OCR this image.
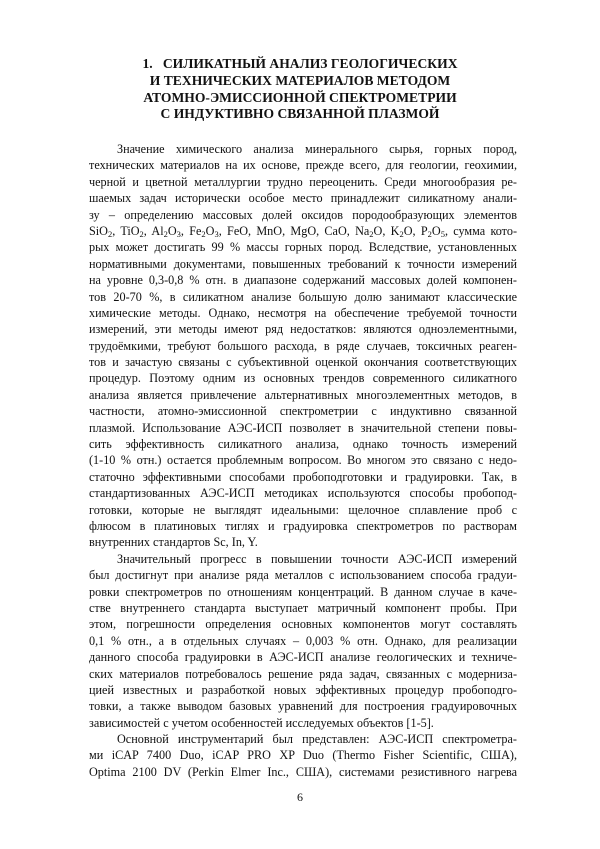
1.   СИЛИКАТНЫЙ АНАЛИЗ ГЕОЛОГИЧЕСКИХ
И ТЕХНИЧЕСКИХ МАТЕРИАЛОВ МЕТОДОМ
АТОМНО-ЭМИССИОННОЙ СПЕКТРОМЕТРИИ
С ИНДУКТИВНО СВЯЗАННОЙ ПЛАЗМОЙ
Значение химического анализа минерального сырья, горных пород,
технических материалов на их основе, прежде всего, для геологии, геохимии,
черной и цветной металлургии трудно переоценить. Среди многообразия ре-
шаемых задач исторически особое место принадлежит силикатному анали-
зу – определению массовых долей оксидов породообразующих элементов
SiO$_2$, TiO$_2$, $Al_2O_3$, $Fe_2O_3$, FeO, MnO, MgO, CaO, $Na_2O$, $K_2O$, $P_2O_5$, сумма кото-
рых может достигать 99 % массы горных пород. Вследствие, установленных
нормативными документами, повышенных требований к точности измерений
на уровне 0,3-0,8 % отн. в диапазоне содержаний массовых долей компонен-
тов 20-70 %, в силикатном анализе большую долю занимают классические
химические методы. Однако, несмотря на обеспечение требуемой точности
измерений, эти методы имеют ряд недостатков: являются одноэлементными,
трудоёмкими, требуют большого расхода, в ряде случаев, токсичных реаген-
тов и зачастую связаны с субъективной оценкой окончания соответствующих
процедур. Поэтому одним из основных трендов современного силикатного
анализа является привлечение альтернативных многоэлементных методов, в
частности, атомно-эмиссионной спектрометрии с индуктивно связанной
плазмой. Использование АЭС-ИСП позволяет в значительной степени повы-
сить эффективность силикатного анализа, однако точность измерений
(1-10 % отн.) остается проблемным вопросом. Во многом это связано с недо-
статочно эффективными способами пробоподготовки и градуировки. Так, в
стандартизованных АЭС-ИСП методиках используются способы пробопод-
готовки, которые не выглядят идеальными: щелочное сплавление проб с
флюсом в платиновых тиглях и градуировка спектрометров по растворам
внутренних стандартов Sc, In, Y.
Значительный прогресс в повышении точности АЭС-ИСП измерений
был достигнут при анализе ряда металлов с использованием способа градуи-
ровки спектрометров по отношениям концентраций. В данном случае в каче-
стве внутреннего стандарта выступает матричный компонент пробы. При
этом, погрешности определения основных компонентов могут составлять
0,1 % отн., а в отдельных случаях – 0,003 % отн. Однако, для реализации
данного способа градуировки в АЭС-ИСП анализе геологических и техниче-
ских материалов потребовалось решение ряда задач, связанных с модерниза-
цией известных и разработкой новых эффективных процедур пробоподго-
товки, а также выводом базовых уравнений для построения градуировочных
зависимостей с учетом особенностей исследуемых объектов [1-5].
Основной инструментарий был представлен: АЭС-ИСП спектрометра-
ми iCAP 7400 Duo, iCAP PRO XP Duo (Thermo Fisher Scientific, США),
Optima 2100 DV (Perkin Elmer Inc., США), системами резистивного нагрева
6
